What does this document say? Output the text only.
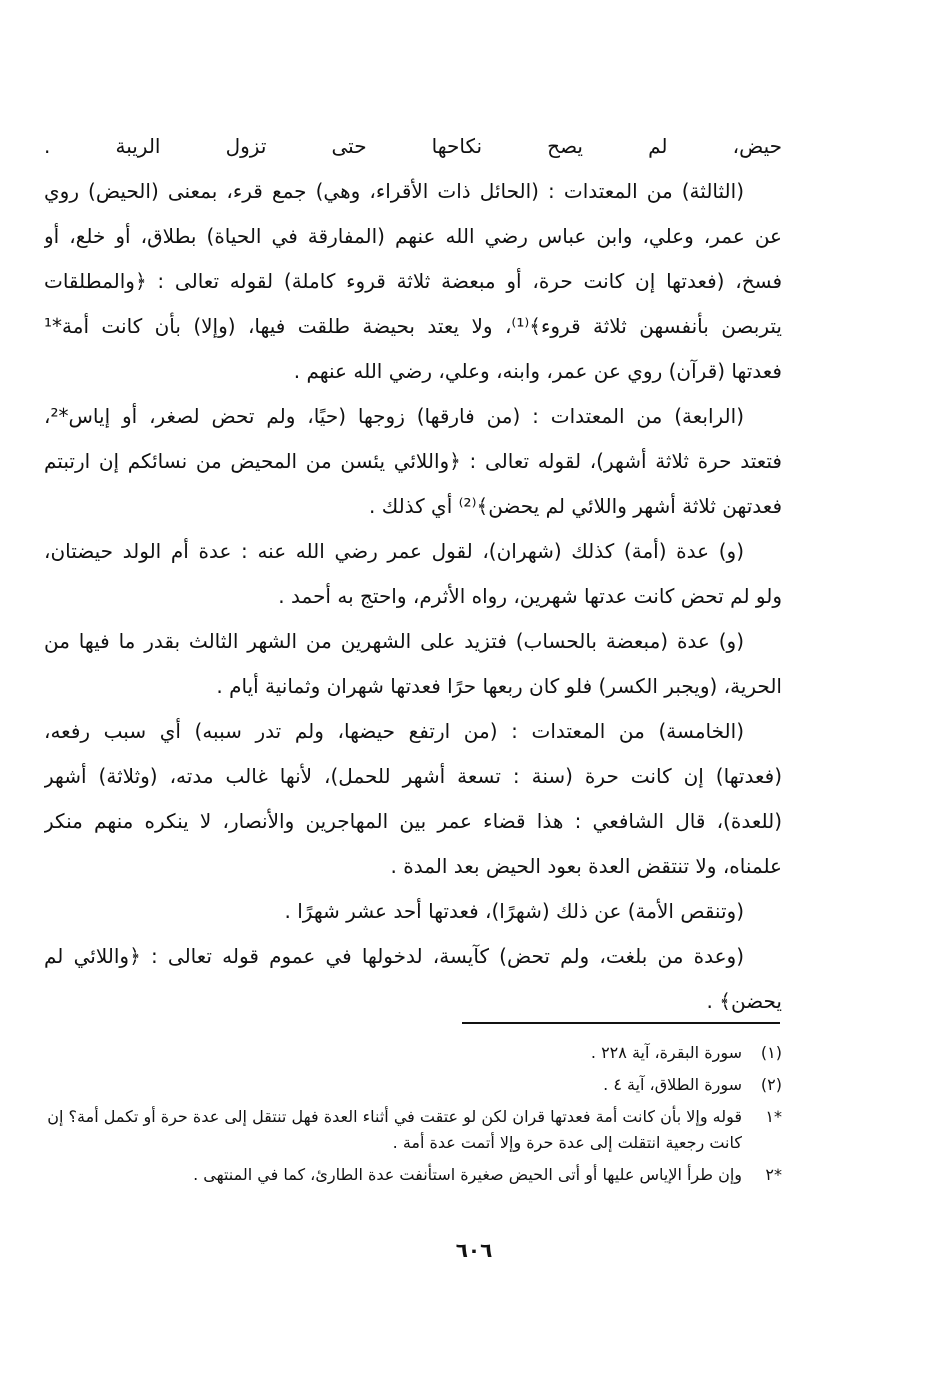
حيض، لم يصح نكاحها حتى تزول الريبة .
(الثالثة) من المعتدات : (الحائل ذات الأقراء، وهي) جمع قرء، بمعنى (الحيض) روي
عن عمر، وعلي، وابن عباس رضي الله عنهم (المفارقة في الحياة) بطلاق، أو خلع، أو
فسخ، (فعدتها إن كانت حرة، أو مبعضة ثلاثة قروء كاملة) لقوله تعالى : ﴿والمطلقات
يتربصن بأنفسهن ثلاثة قروء﴾⁽¹⁾، ولا يعتد بحيضة طلقت فيها، (وإلا) بأن كانت أمة*¹
فعدتها (قرآن) روي عن عمر، وابنه، وعلي، رضي الله عنهم .
(الرابعة) من المعتدات : (من فارقها) زوجها (حيًا، ولم تحض لصغر، أو إياس*²،
فتعتد حرة ثلاثة أشهر)، لقوله تعالى : ﴿واللائي يئسن من المحيض من نسائكم إن ارتبتم
فعدتهن ثلاثة أشهر واللائي لم يحضن﴾⁽²⁾ أي كذلك .
(و) عدة (أمة) كذلك (شهران)، لقول عمر رضي الله عنه : عدة أم الولد حيضتان،
ولو لم تحض كانت عدتها شهرين، رواه الأثرم، واحتج به أحمد .
(و) عدة (مبعضة بالحساب) فتزيد على الشهرين من الشهر الثالث بقدر ما فيها من
الحرية، (ويجبر الكسر) فلو كان ربعها حرًا فعدتها شهران وثمانية أيام .
(الخامسة) من المعتدات : (من ارتفع حيضها، ولم تدر سببه) أي سبب رفعه،
(فعدتها) إن كانت حرة (سنة : تسعة أشهر للحمل)، لأنها غالب مدته، (وثلاثة) أشهر
(للعدة)، قال الشافعي : هذا قضاء عمر بين المهاجرين والأنصار، لا ينكره منهم منكر
علمناه، ولا تنتقض العدة بعود الحيض بعد المدة .
(وتنقص الأمة) عن ذلك (شهرًا)، فعدتها أحد عشر شهرًا .
(وعدة من بلغت، ولم تحض) كآيسة، لدخولها في عموم قوله تعالى : ﴿واللائي لم
يحضن﴾ .
(١)
سورة البقرة، آية ٢٢٨ .
(٢)
سورة الطلاق، آية ٤ .
*١
قوله وإلا بأن كانت أمة فعدتها قران لكن لو عتقت في أثناء العدة فهل تنتقل إلى عدة حرة أو تكمل أمة؟ إن كانت رجعية انتقلت إلى عدة حرة وإلا أتمت عدة أمة .
*٢
وإن طرأ الإياس عليها أو أتى الحيض صغيرة استأنفت عدة الطارئ، كما في المنتهى .
٦٠٦
